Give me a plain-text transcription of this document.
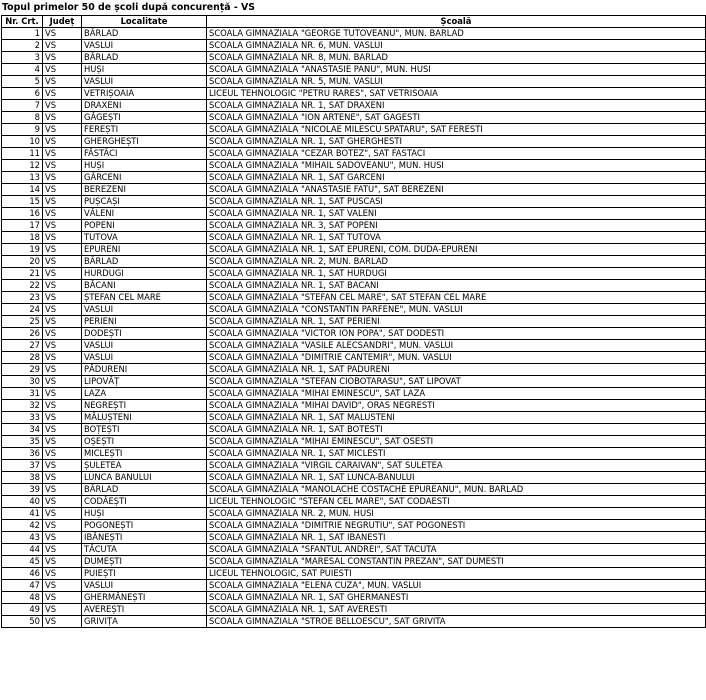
Topul primelor 50 de școli după concurență - VS
Nr. Crt.	Județ	Localitate	Școală
1	VS	BÂRLAD	SCOALA GIMNAZIALA "GEORGE TUTOVEANU", MUN. BARLAD
2	VS	VASLUI	SCOALA GIMNAZIALA NR. 6, MUN. VASLUI
3	VS	BÂRLAD	SCOALA GIMNAZIALA NR. 8, MUN. BARLAD
4	VS	HUȘI	SCOALA GIMNAZIALA "ANASTASIE PANU", MUN. HUSI
5	VS	VASLUI	SCOALA GIMNAZIALA NR. 5, MUN. VASLUI
6	VS	VETRIȘOAIA	LICEUL TEHNOLOGIC "PETRU RARES", SAT VETRISOAIA
7	VS	DRAXENI	SCOALA GIMNAZIALA NR. 1, SAT DRAXENI
8	VS	GĂGEȘTI	SCOALA GIMNAZIALA "ION ARTENE", SAT GAGESTI
9	VS	FEREȘTI	SCOALA GIMNAZIALA "NICOLAE MILESCU SPATARU", SAT FERESTI
10	VS	GHERGHEȘTI	SCOALA GIMNAZIALA NR. 1, SAT GHERGHESTI
11	VS	FĂSTÂCI	SCOALA GIMNAZIALA "CEZAR BOTEZ", SAT FASTACI
12	VS	HUȘI	SCOALA GIMNAZIALA "MIHAIL SADOVEANU", MUN. HUSI
13	VS	GÂRCENI	SCOALA GIMNAZIALA NR. 1, SAT GARCENI
14	VS	BEREZENI	SCOALA GIMNAZIALA "ANASTASIE FATU", SAT BEREZENI
15	VS	PUȘCAȘI	SCOALA GIMNAZIALA NR. 1, SAT PUSCASI
16	VS	VĂLENI	SCOALA GIMNAZIALA NR. 1, SAT VALENI
17	VS	POPENI	SCOALA GIMNAZIALA NR. 3, SAT POPENI
18	VS	TUTOVA	SCOALA GIMNAZIALA NR. 1, SAT TUTOVA
19	VS	EPURENI	SCOALA GIMNAZIALA NR. 1, SAT EPURENI, COM. DUDA-EPURENI
20	VS	BÂRLAD	SCOALA GIMNAZIALA NR. 2, MUN. BARLAD
21	VS	HURDUGI	SCOALA GIMNAZIALA NR. 1, SAT HURDUGI
22	VS	BĂCANI	SCOALA GIMNAZIALA NR. 1, SAT BACANI
23	VS	ȘTEFAN CEL MARE	SCOALA GIMNAZIALA "STEFAN CEL MARE", SAT STEFAN CEL MARE
24	VS	VASLUI	SCOALA GIMNAZIALA "CONSTANTIN PARFENE", MUN. VASLUI
25	VS	PERIENI	SCOALA GIMNAZIALA NR. 1, SAT PERIENI
26	VS	DODEȘTI	SCOALA GIMNAZIALA "VICTOR ION POPA", SAT DODESTI
27	VS	VASLUI	SCOALA GIMNAZIALA "VASILE ALECSANDRI", MUN. VASLUI
28	VS	VASLUI	SCOALA GIMNAZIALA "DIMITRIE CANTEMIR", MUN. VASLUI
29	VS	PĂDURENI	SCOALA GIMNAZIALA NR. 1, SAT PADURENI
30	VS	LIPOVĂȚ	SCOALA GIMNAZIALA "STEFAN CIOBOTARASU", SAT LIPOVAT
31	VS	LAZA	SCOALA GIMNAZIALA "MIHAI EMINESCU", SAT LAZA
32	VS	NEGREȘTI	SCOALA GIMNAZIALA "MIHAI DAVID", ORAS NEGRESTI
33	VS	MĂLUȘTENI	SCOALA GIMNAZIALA NR. 1, SAT MALUSTENI
34	VS	BOȚEȘTI	SCOALA GIMNAZIALA NR. 1, SAT BOTESTI
35	VS	OȘEȘTI	SCOALA GIMNAZIALA "MIHAI EMINESCU", SAT OSESTI
36	VS	MICLEȘTI	SCOALA GIMNAZIALA NR. 1, SAT MICLESTI
37	VS	ȘULETEA	SCOALA GIMNAZIALA "VIRGIL CARAIVAN", SAT SULETEA
38	VS	LUNCA BANULUI	SCOALA GIMNAZIALA NR. 1, SAT LUNCA-BANULUI
39	VS	BÂRLAD	SCOALA GIMNAZIALA "MANOLACHE COSTACHE EPUREANU", MUN. BARLAD
40	VS	CODĂEȘTI	LICEUL TEHNOLOGIC "STEFAN CEL MARE", SAT CODAESTI
41	VS	HUȘI	SCOALA GIMNAZIALA NR. 2, MUN. HUSI
42	VS	POGONEȘTI	SCOALA GIMNAZIALA "DIMITRIE NEGRUTIU", SAT POGONESTI
43	VS	IBĂNEȘTI	SCOALA GIMNAZIALA NR. 1, SAT IBANESTI
44	VS	TĂCUTA	SCOALA GIMNAZIALA "SFANTUL ANDREI", SAT TACUTA
45	VS	DUMEȘTI	SCOALA GIMNAZIALA "MARESAL CONSTANTIN PREZAN", SAT DUMESTI
46	VS	PUIEȘTI	LICEUL TEHNOLOGIC, SAT PUIESTI
47	VS	VASLUI	SCOALA GIMNAZIALA "ELENA CUZA", MUN. VASLUI
48	VS	GHERMĂNEȘTI	SCOALA GIMNAZIALA NR. 1, SAT GHERMANESTI
49	VS	AVEREȘTI	SCOALA GIMNAZIALA NR. 1, SAT AVERESTI
50	VS	GRIVIȚA	SCOALA GIMNAZIALA "STROE BELLOESCU", SAT GRIVITA
